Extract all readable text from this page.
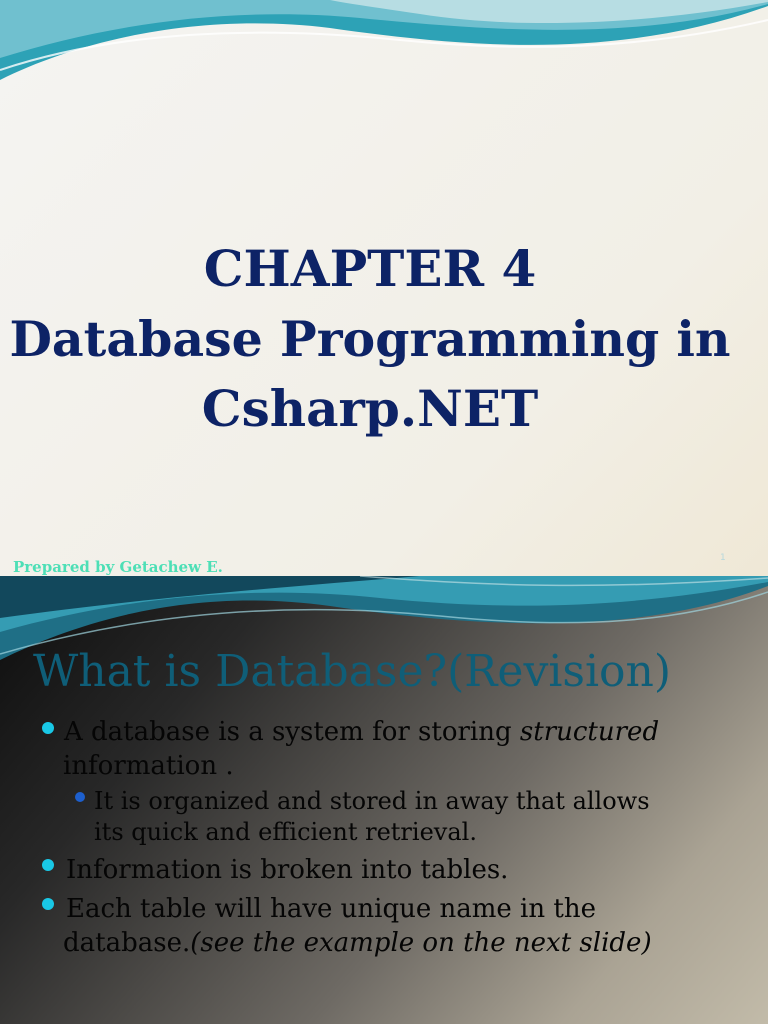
CHAPTER 4
Database Programming in
Csharp.NET
Prepared by Getachew E.	1
What is Database?(Revision)
A database is a system for storing structured
information .
It is organized and stored in away that allows
its quick and efficient retrieval.
Information is broken into tables.
Each table will have unique name in the
database.(see the example on the next slide)
